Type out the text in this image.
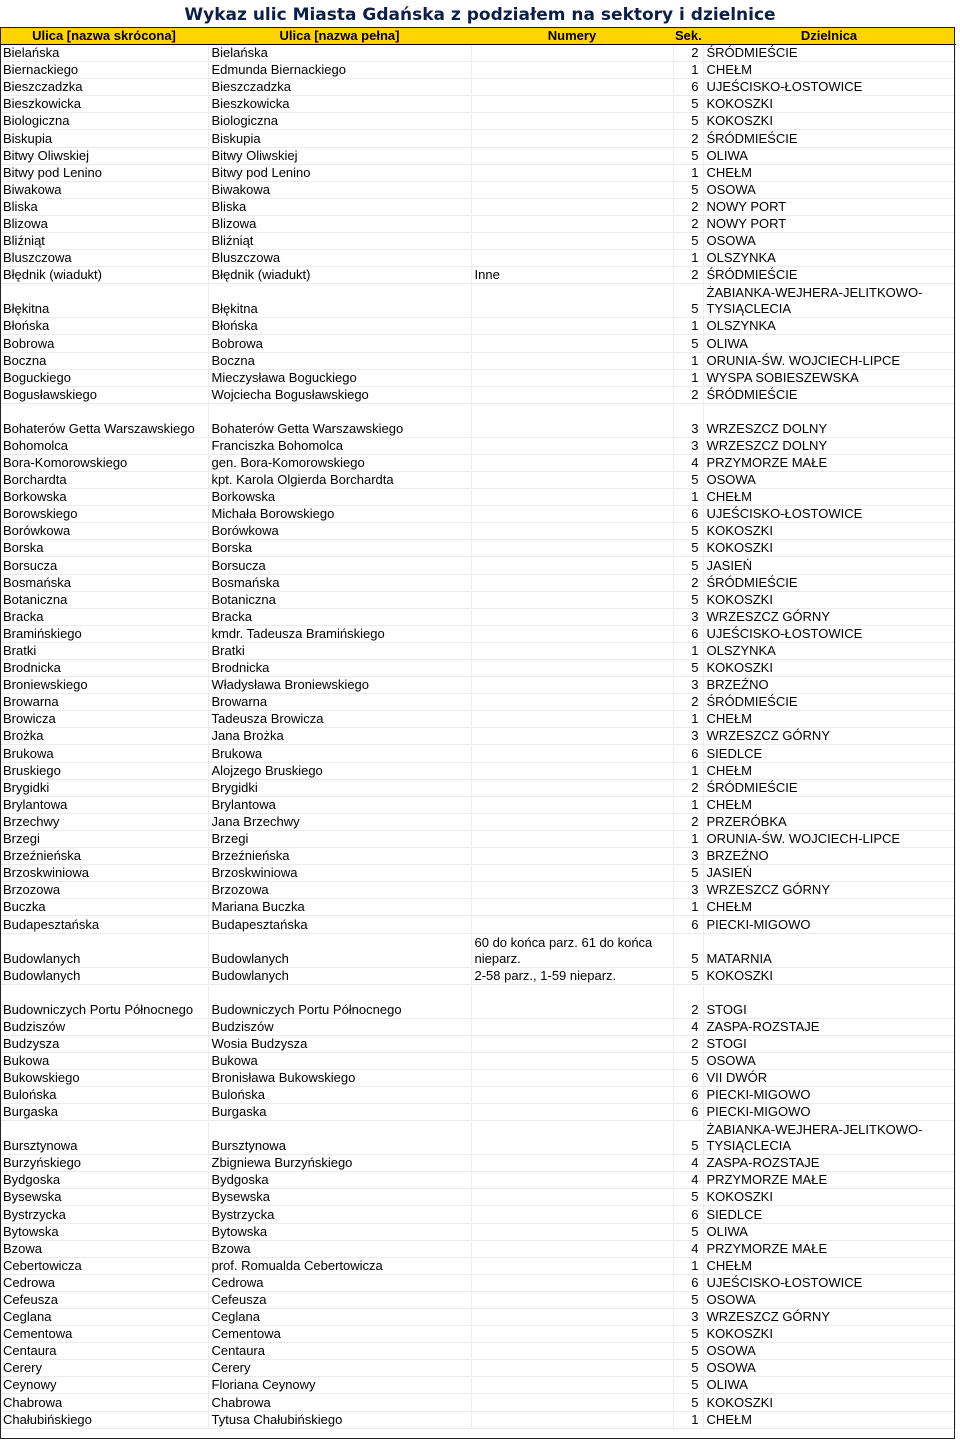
Wykaz ulic Miasta Gdańska z podziałem na sektory i dzielnice
Ulica [nazwa skrócona]	Ulica [nazwa pełna]	Numery	Sek.	Dzielnica
Bielańska	Bielańska		2	ŚRÓDMIEŚCIE
Biernackiego	Edmunda Biernackiego		1	CHEŁM
Bieszczadzka	Bieszczadzka		6	UJEŚCISKO-ŁOSTOWICE
Bieszkowicka	Bieszkowicka		5	KOKOSZKI
Biologiczna	Biologiczna		5	KOKOSZKI
Biskupia	Biskupia		2	ŚRÓDMIEŚCIE
Bitwy Oliwskiej	Bitwy Oliwskiej		5	OLIWA
Bitwy pod Lenino	Bitwy pod Lenino		1	CHEŁM
Biwakowa	Biwakowa		5	OSOWA
Bliska	Bliska		2	NOWY PORT
Blizowa	Blizowa		2	NOWY PORT
Bliźniąt	Bliźniąt		5	OSOWA
Bluszczowa	Bluszczowa		1	OLSZYNKA
Błędnik (wiadukt)	Błędnik (wiadukt)	Inne	2	ŚRÓDMIEŚCIE
Błękitna	Błękitna		5	ŻABIANKA-WEJHERA-JELITKOWO-TYSIĄCLECIA
Błońska	Błońska		1	OLSZYNKA
Bobrowa	Bobrowa		5	OLIWA
Boczna	Boczna		1	ORUNIA-ŚW. WOJCIECH-LIPCE
Boguckiego	Mieczysława Boguckiego		1	WYSPA SOBIESZEWSKA
Bogusławskiego	Wojciecha Bogusławskiego		2	ŚRÓDMIEŚCIE
Bohaterów Getta Warszawskiego	Bohaterów Getta Warszawskiego		3	WRZESZCZ DOLNY
Bohomolca	Franciszka Bohomolca		3	WRZESZCZ DOLNY
Bora-Komorowskiego	gen. Bora-Komorowskiego		4	PRZYMORZE MAŁE
Borchardta	kpt. Karola Olgierda Borchardta		5	OSOWA
Borkowska	Borkowska		1	CHEŁM
Borowskiego	Michała Borowskiego		6	UJEŚCISKO-ŁOSTOWICE
Borówkowa	Borówkowa		5	KOKOSZKI
Borska	Borska		5	KOKOSZKI
Borsucza	Borsucza		5	JASIEŃ
Bosmańska	Bosmańska		2	ŚRÓDMIEŚCIE
Botaniczna	Botaniczna		5	KOKOSZKI
Bracka	Bracka		3	WRZESZCZ GÓRNY
Bramińskiego	kmdr. Tadeusza Bramińskiego		6	UJEŚCISKO-ŁOSTOWICE
Bratki	Bratki		1	OLSZYNKA
Brodnicka	Brodnicka		5	KOKOSZKI
Broniewskiego	Władysława Broniewskiego		3	BRZEŹNO
Browarna	Browarna		2	ŚRÓDMIEŚCIE
Browicza	Tadeusza Browicza		1	CHEŁM
Brożka	Jana Brożka		3	WRZESZCZ GÓRNY
Brukowa	Brukowa		6	SIEDLCE
Bruskiego	Alojzego Bruskiego		1	CHEŁM
Brygidki	Brygidki		2	ŚRÓDMIEŚCIE
Brylantowa	Brylantowa		1	CHEŁM
Brzechwy	Jana Brzechwy		2	PRZERÓBKA
Brzegi	Brzegi		1	ORUNIA-ŚW. WOJCIECH-LIPCE
Brzeźnieńska	Brzeźnieńska		3	BRZEŹNO
Brzoskwiniowa	Brzoskwiniowa		5	JASIEŃ
Brzozowa	Brzozowa		3	WRZESZCZ GÓRNY
Buczka	Mariana Buczka		1	CHEŁM
Budapesztańska	Budapesztańska		6	PIECKI-MIGOWO
Budowlanych	Budowlanych	60 do końca parz. 61 do końca nieparz.	5	MATARNIA
Budowlanych	Budowlanych	2-58 parz., 1-59 nieparz.	5	KOKOSZKI
Budowniczych Portu Północnego	Budowniczych Portu Północnego		2	STOGI
Budziszów	Budziszów		4	ZASPA-ROZSTAJE
Budzysza	Wosia Budzysza		2	STOGI
Bukowa	Bukowa		5	OSOWA
Bukowskiego	Bronisława Bukowskiego		6	VII DWÓR
Bulońska	Bulońska		6	PIECKI-MIGOWO
Burgaska	Burgaska		6	PIECKI-MIGOWO
Bursztynowa	Bursztynowa		5	ŻABIANKA-WEJHERA-JELITKOWO-TYSIĄCLECIA
Burzyńskiego	Zbigniewa Burzyńskiego		4	ZASPA-ROZSTAJE
Bydgoska	Bydgoska		4	PRZYMORZE MAŁE
Bysewska	Bysewska		5	KOKOSZKI
Bystrzycka	Bystrzycka		6	SIEDLCE
Bytowska	Bytowska		5	OLIWA
Bzowa	Bzowa		4	PRZYMORZE MAŁE
Cebertowicza	prof. Romualda Cebertowicza		1	CHEŁM
Cedrowa	Cedrowa		6	UJEŚCISKO-ŁOSTOWICE
Cefeusza	Cefeusza		5	OSOWA
Ceglana	Ceglana		3	WRZESZCZ GÓRNY
Cementowa	Cementowa		5	KOKOSZKI
Centaura	Centaura		5	OSOWA
Cerery	Cerery		5	OSOWA
Ceynowy	Floriana Ceynowy		5	OLIWA
Chabrowa	Chabrowa		5	KOKOSZKI
Chałubińskiego	Tytusa Chałubińskiego		1	CHEŁM
